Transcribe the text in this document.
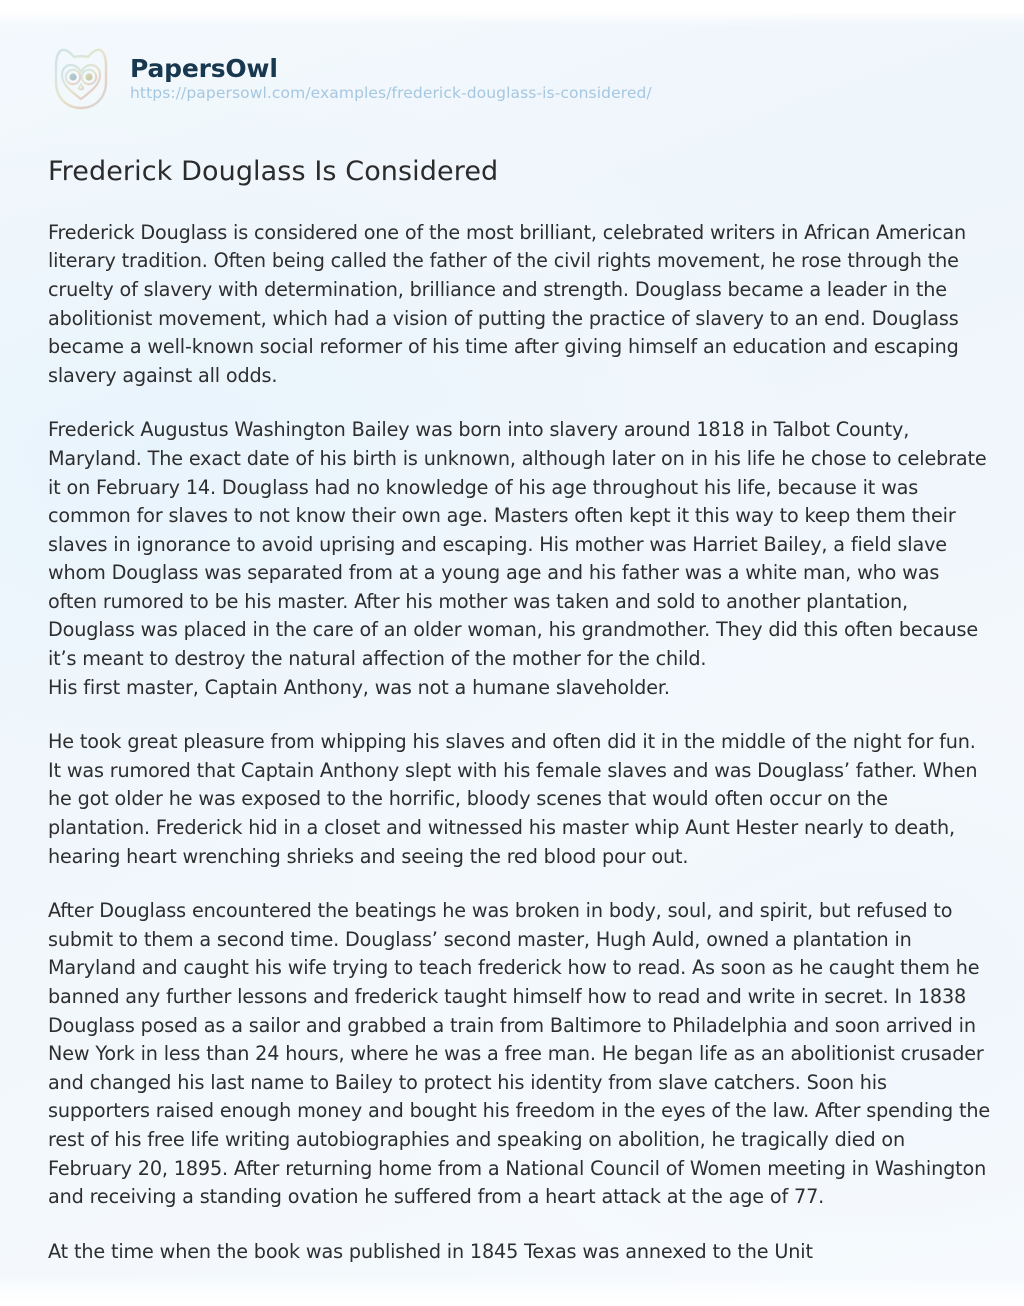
PapersOwl
https://papersowl.com/examples/frederick-douglass-is-considered/
Frederick Douglass Is Considered

Frederick Douglass is considered one of the most brilliant, celebrated writers in African American literary tradition. Often being called the father of the civil rights movement, he rose through the cruelty of slavery with determination, brilliance and strength. Douglass became a leader in the abolitionist movement, which had a vision of putting the practice of slavery to an end. Douglass became a well-known social reformer of his time after giving himself an education and escaping slavery against all odds.

Frederick Augustus Washington Bailey was born into slavery around 1818 in Talbot County, Maryland. The exact date of his birth is unknown, although later on in his life he chose to celebrate it on February 14. Douglass had no knowledge of his age throughout his life, because it was common for slaves to not know their own age. Masters often kept it this way to keep them their slaves in ignorance to avoid uprising and escaping. His mother was Harriet Bailey, a field slave whom Douglass was separated from at a young age and his father was a white man, who was often rumored to be his master. After his mother was taken and sold to another plantation, Douglass was placed in the care of an older woman, his grandmother. They did this often because it’s meant to destroy the natural affection of the mother for the child.
His first master, Captain Anthony, was not a humane slaveholder.

He took great pleasure from whipping his slaves and often did it in the middle of the night for fun. It was rumored that Captain Anthony slept with his female slaves and was Douglass’ father. When he got older he was exposed to the horrific, bloody scenes that would often occur on the plantation. Frederick hid in a closet and witnessed his master whip Aunt Hester nearly to death, hearing heart wrenching shrieks and seeing the red blood pour out.

After Douglass encountered the beatings he was broken in body, soul, and spirit, but refused to submit to them a second time. Douglass’ second master, Hugh Auld, owned a plantation in Maryland and caught his wife trying to teach frederick how to read. As soon as he caught them he banned any further lessons and frederick taught himself how to read and write in secret. In 1838 Douglass posed as a sailor and grabbed a train from Baltimore to Philadelphia and soon arrived in New York in less than 24 hours, where he was a free man. He began life as an abolitionist crusader and changed his last name to Bailey to protect his identity from slave catchers. Soon his supporters raised enough money and bought his freedom in the eyes of the law. After spending the rest of his free life writing autobiographies and speaking on abolition, he tragically died on February 20, 1895. After returning home from a National Council of Women meeting in Washington and receiving a standing ovation he suffered from a heart attack at the age of 77.

At the time when the book was published in 1845 Texas was annexed to the Unit
